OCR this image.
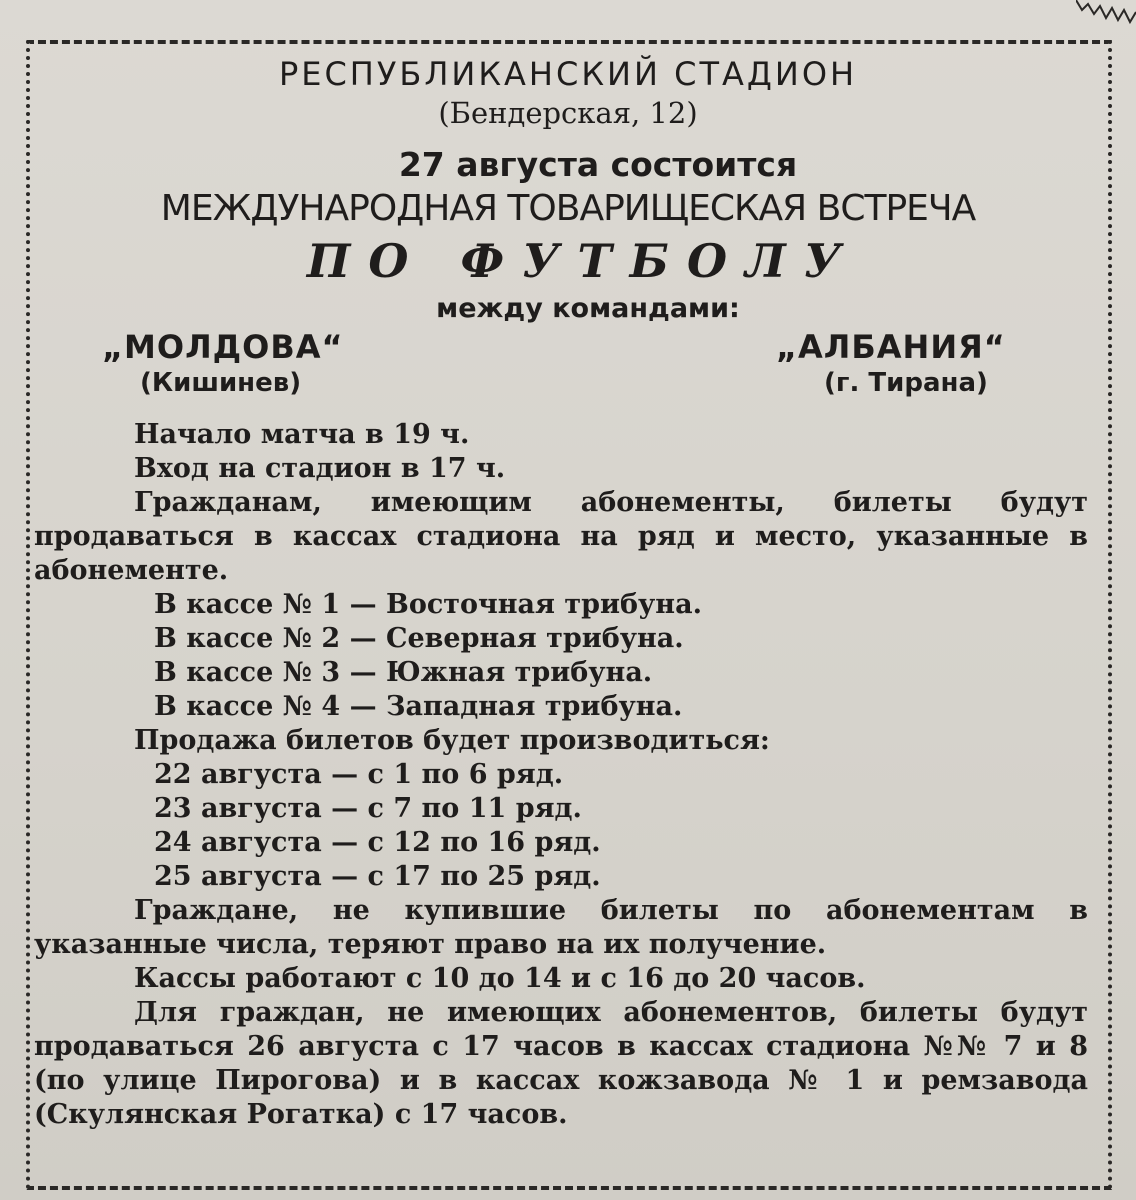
РЕСПУБЛИКАНСКИЙ СТАДИОН
(Бендерская, 12)
27 августа состоится
МЕЖДУНАРОДНАЯ ТОВАРИЩЕСКАЯ ВСТРЕЧА
ПО ФУТБОЛУ
между командами:
„МОЛДОВА“
(Кишинев)
„АЛБАНИЯ“
(г. Тирана)

Начало матча в 19 ч.

Вход на стадион в 17 ч.

Гражданам, имеющим абонементы, билеты будут продаваться в кассах стадиона на ряд и место, указанные в абонементе.

В кассе № 1 — Восточная трибуна.

В кассе № 2 — Северная трибуна.

В кассе № 3 — Южная трибуна.

В кассе № 4 — Западная трибуна.

Продажа билетов будет производиться:

22 августа — с 1 по 6 ряд.

23 августа — с 7 по 11 ряд.

24 августа — с 12 по 16 ряд.

25 августа — с 17 по 25 ряд.

Граждане, не купившие билеты по абонементам в указанные числа, теряют право на их получение.

Кассы работают с 10 до 14 и с 16 до 20 часов.

Для граждан, не имеющих абонементов, билеты будут продаваться 26 августа с 17 часов в кассах стадиона №№ 7 и 8 (по улице Пирогова) и в кассах кожзавода № 1 и ремзавода (Скулянская Рогатка) с 17 часов.
